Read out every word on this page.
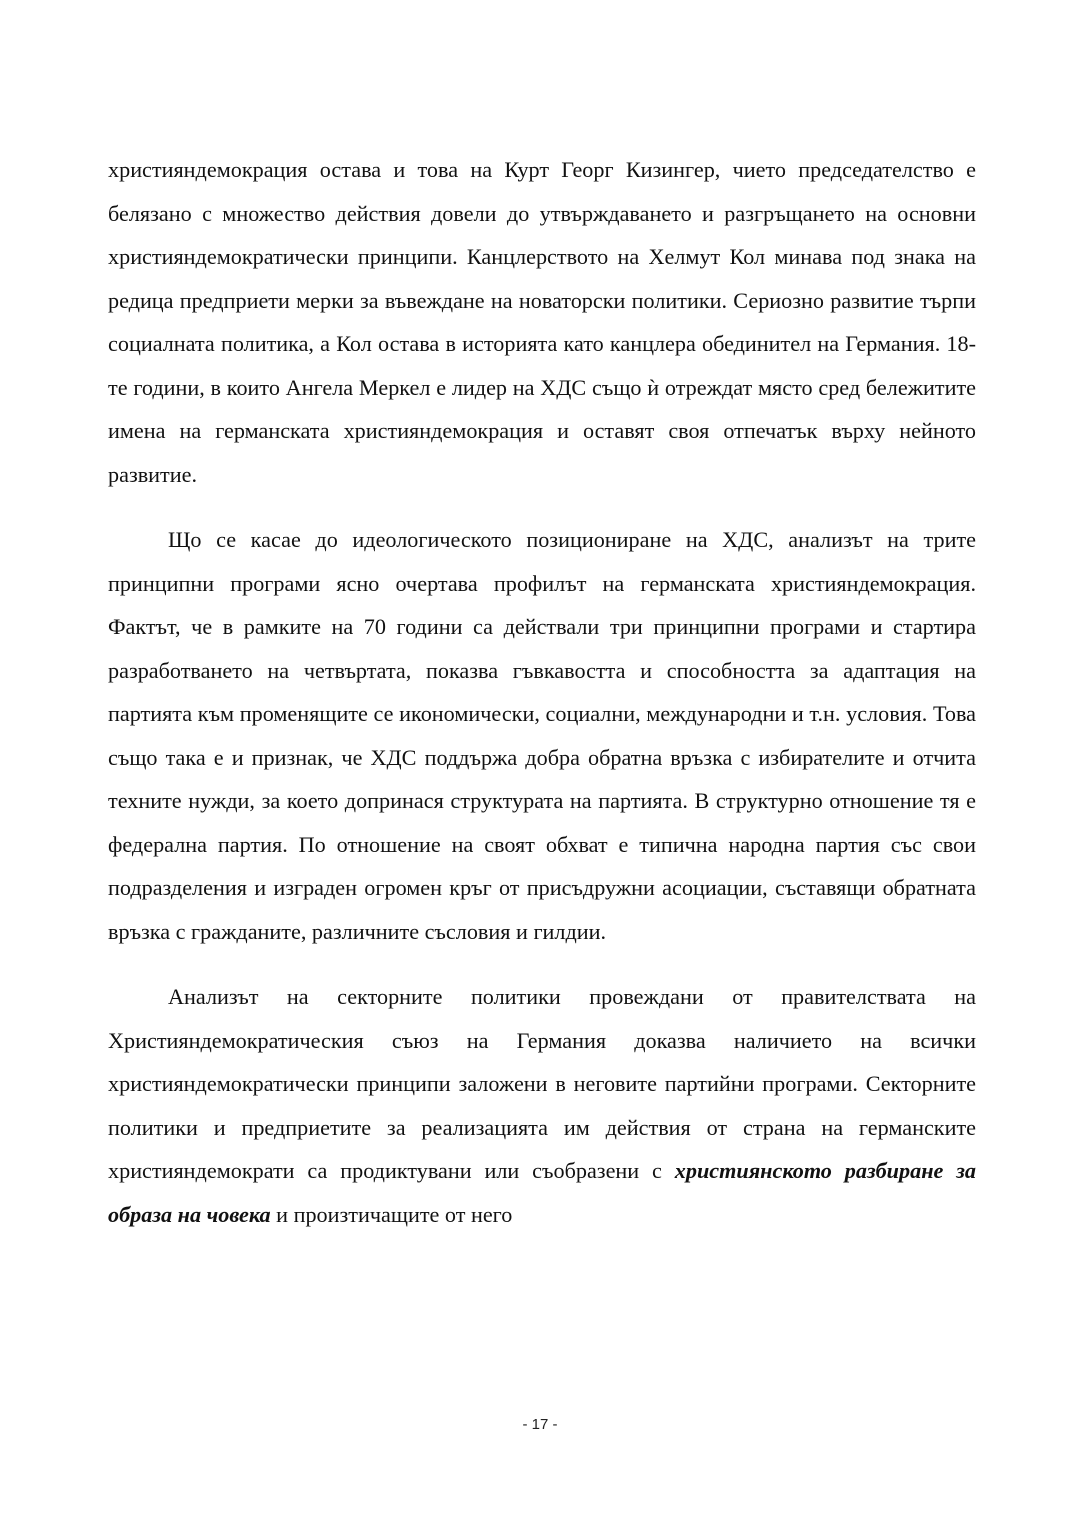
християндемокрация остава и това на Курт Георг Кизингер, чието председателство е белязано с множество действия довели до утвърждаването и разгръщането на основни християндемократически принципи. Канцлерството на Хелмут Кол минава под знака на редица предприети мерки за въвеждане на новаторски политики. Сериозно развитие търпи социалната политика, а Кол остава в историята като канцлера обединител на Германия. 18-те години, в които Ангела Меркел е лидер на ХДС също ѝ отреждат място сред бележитите имена на германската християндемокрация и оставят своя отпечатък върху нейното развитие.

Що се касае до идеологическото позициониране на ХДС, анализът на трите принципни програми ясно очертава профилът на германската християндемокрация. Фактът, че в рамките на 70 години са действали три принципни програми и стартира разработването на четвъртата, показва гъвкавостта и способността за адаптация на партията към променящите се икономически, социални, международни и т.н. условия. Това също така е и признак, че ХДС поддържа добра обратна връзка с избирателите и отчита техните нужди, за което допринася структурата на партията. В структурно отношение тя е федерална партия. По отношение на своят обхват е типична народна партия със свои подразделения и изграден огромен кръг от присъдружни асоциации, съставящи обратната връзка с гражданите, различните съсловия и гилдии.

Анализът на секторните политики провеждани от правителствата на Християндемократическия съюз на Германия доказва наличието на всички християндемократически принципи заложени в неговите партийни програми. Секторните политики и предприетите за реализацията им действия от страна на германските християндемократи са продиктувани или съобразени с християнското разбиране за образа на човека и произтичащите от него

- 17 -
